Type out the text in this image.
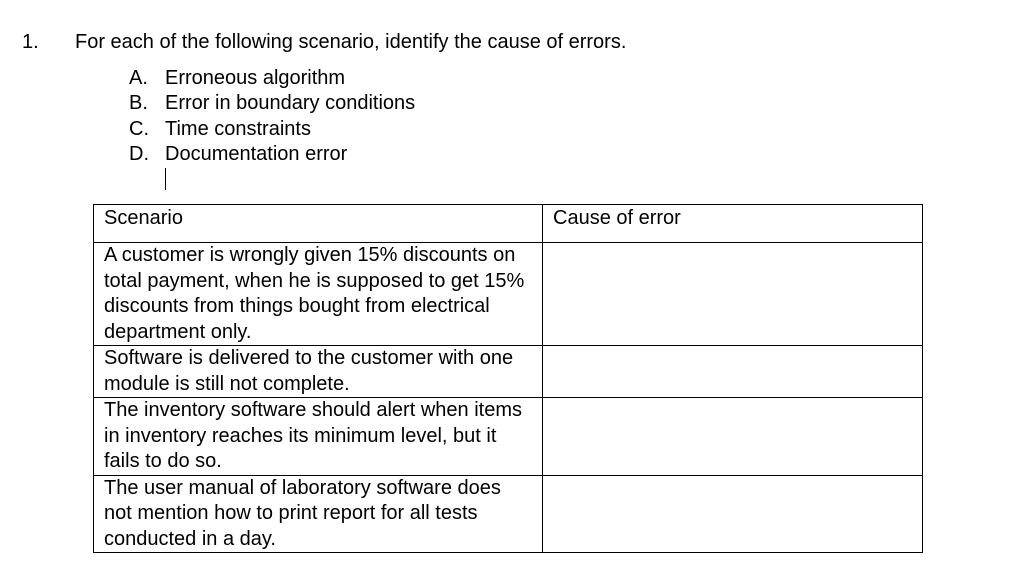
1. For each of the following scenario, identify the cause of errors.
A. Erroneous algorithm
B. Error in boundary conditions
C. Time constraints
D. Documentation error
Scenario	Cause of error
A customer is wrongly given 15% discounts on total payment, when he is supposed to get 15% discounts from things bought from electrical department only.	
Software is delivered to the customer with one module is still not complete.	
The inventory software should alert when items in inventory reaches its minimum level, but it fails to do so.	
The user manual of laboratory software does not mention how to print report for all tests conducted in a day.	
